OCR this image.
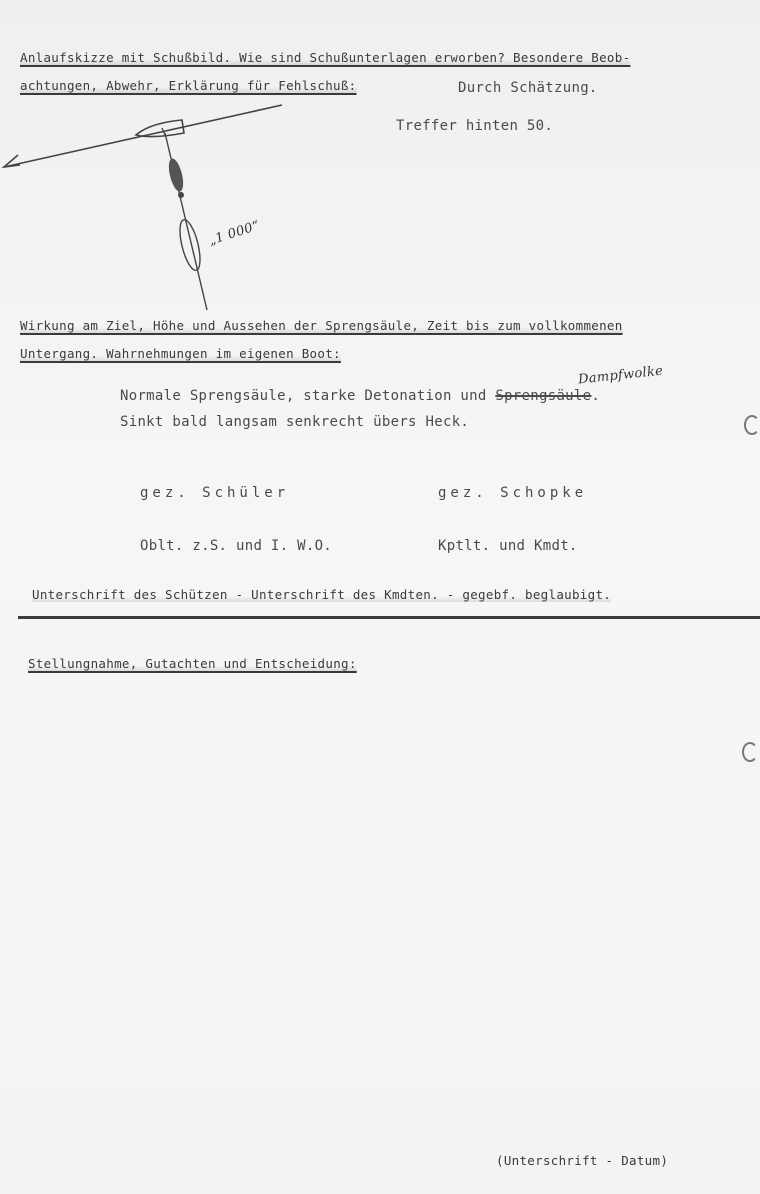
Anlaufskizze mit Schußbild. Wie sind Schußunterlagen erworben? Besondere Beob-
achtungen, Abwehr, Erklärung für Fehlschuß:	Durch Schätzung.
Treffer hinten 50.
„1 000“
Wirkung am Ziel, Höhe und Aussehen der Sprengsäule, Zeit bis zum vollkommenen
Untergang. Wahrnehmungen im eigenen Boot:
Dampfwolke
Normale Sprengsäule, starke Detonation und Sprengsäule.
Sinkt bald langsam senkrecht übers Heck.
gez. Schüler	gez. Schopke
Oblt. z.S. und I. W.O.	Kptlt. und Kmdt.
Unterschrift des Schützen - Unterschrift des Kmdten. - gegebf. beglaubigt.
Stellungnahme, Gutachten und Entscheidung:
(Unterschrift - Datum)
